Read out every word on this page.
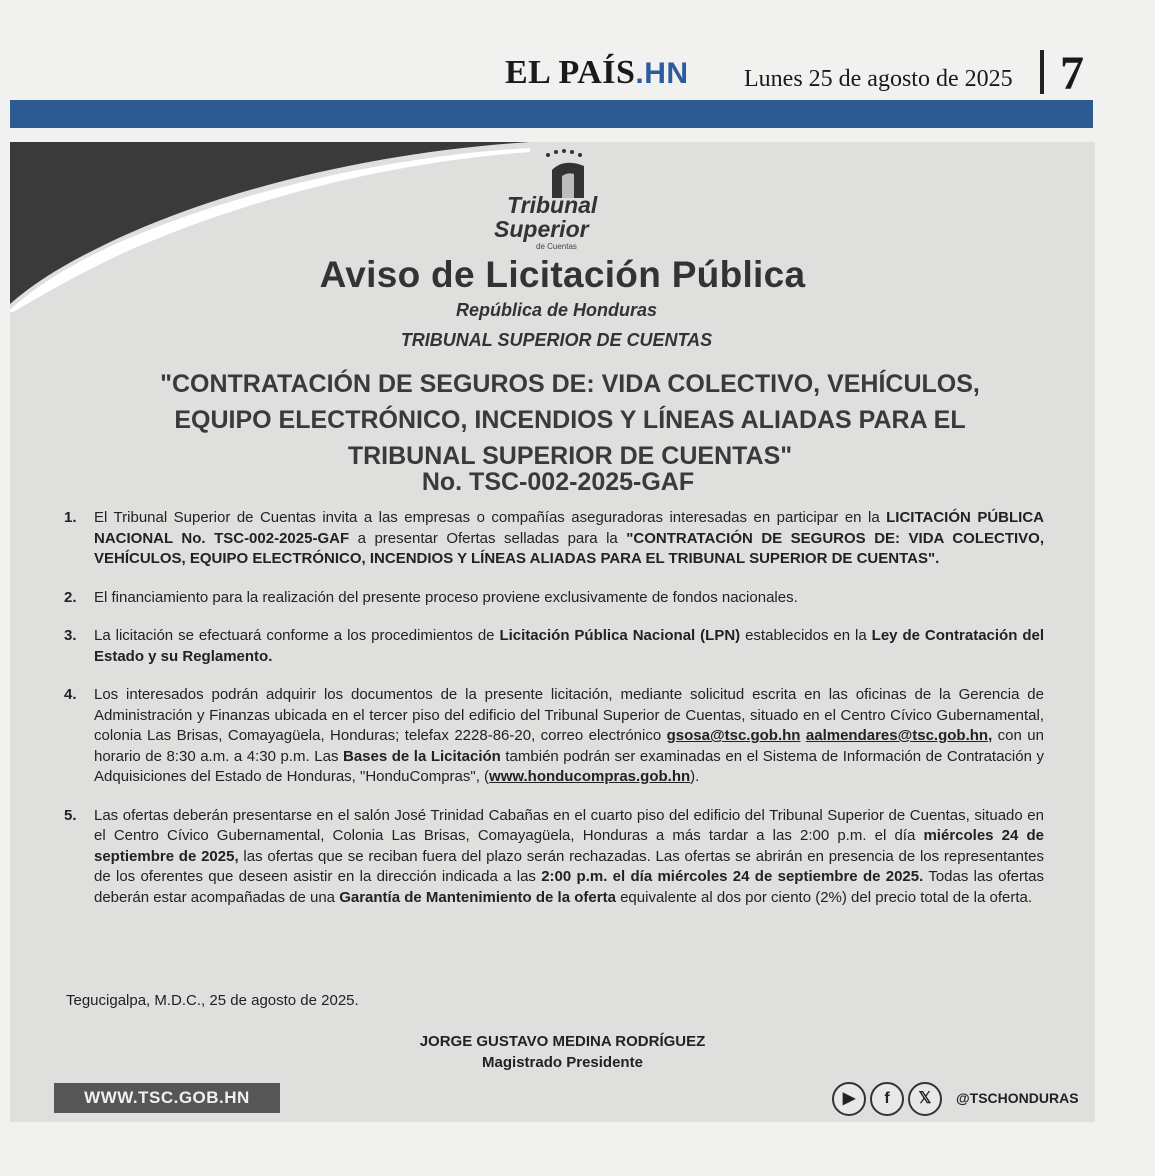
EL PAÍS.HN Lunes 25 de agosto de 2025 7
Tribunal
Superior
de Cuentas
Aviso de Licitación Pública
República de Honduras
TRIBUNAL SUPERIOR DE CUENTAS
"CONTRATACIÓN DE SEGUROS DE: VIDA COLECTIVO, VEHÍCULOS,
EQUIPO ELECTRÓNICO, INCENDIOS Y LÍNEAS ALIADAS PARA EL
TRIBUNAL SUPERIOR DE CUENTAS"
No. TSC-002-2025-GAF
1. El Tribunal Superior de Cuentas invita a las empresas o compañías aseguradoras interesadas en participar en la LICITACIÓN PÚBLICA NACIONAL No. TSC-002-2025-GAF a presentar Ofertas selladas para la "CONTRATACIÓN DE SEGUROS DE: VIDA COLECTIVO, VEHÍCULOS, EQUIPO ELECTRÓNICO, INCENDIOS Y LÍNEAS ALIADAS PARA EL TRIBUNAL SUPERIOR DE CUENTAS".
2. El financiamiento para la realización del presente proceso proviene exclusivamente de fondos nacionales.
3. La licitación se efectuará conforme a los procedimientos de Licitación Pública Nacional (LPN) establecidos en la Ley de Contratación del Estado y su Reglamento.
4. Los interesados podrán adquirir los documentos de la presente licitación, mediante solicitud escrita en las oficinas de la Gerencia de Administración y Finanzas ubicada en el tercer piso del edificio del Tribunal Superior de Cuentas, situado en el Centro Cívico Gubernamental, colonia Las Brisas, Comayagüela, Honduras; telefax 2228-86-20, correo electrónico gsosa@tsc.gob.hn aalmendares@tsc.gob.hn, con un horario de 8:30 a.m. a 4:30 p.m. Las Bases de la Licitación también podrán ser examinadas en el Sistema de Información de Contratación y Adquisiciones del Estado de Honduras, "HonduCompras", (www.honducompras.gob.hn).
5. Las ofertas deberán presentarse en el salón José Trinidad Cabañas en el cuarto piso del edificio del Tribunal Superior de Cuentas, situado en el Centro Cívico Gubernamental, Colonia Las Brisas, Comayagüela, Honduras a más tardar a las 2:00 p.m. el día miércoles 24 de septiembre de 2025, las ofertas que se reciban fuera del plazo serán rechazadas. Las ofertas se abrirán en presencia de los representantes de los oferentes que deseen asistir en la dirección indicada a las 2:00 p.m. el día miércoles 24 de septiembre de 2025. Todas las ofertas deberán estar acompañadas de una Garantía de Mantenimiento de la oferta equivalente al dos por ciento (2%) del precio total de la oferta.
Tegucigalpa, M.D.C., 25 de agosto de 2025.
JORGE GUSTAVO MEDINA RODRÍGUEZ
Magistrado Presidente
WWW.TSC.GOB.HN	▶	f	𝕏	@TSCHONDURAS
